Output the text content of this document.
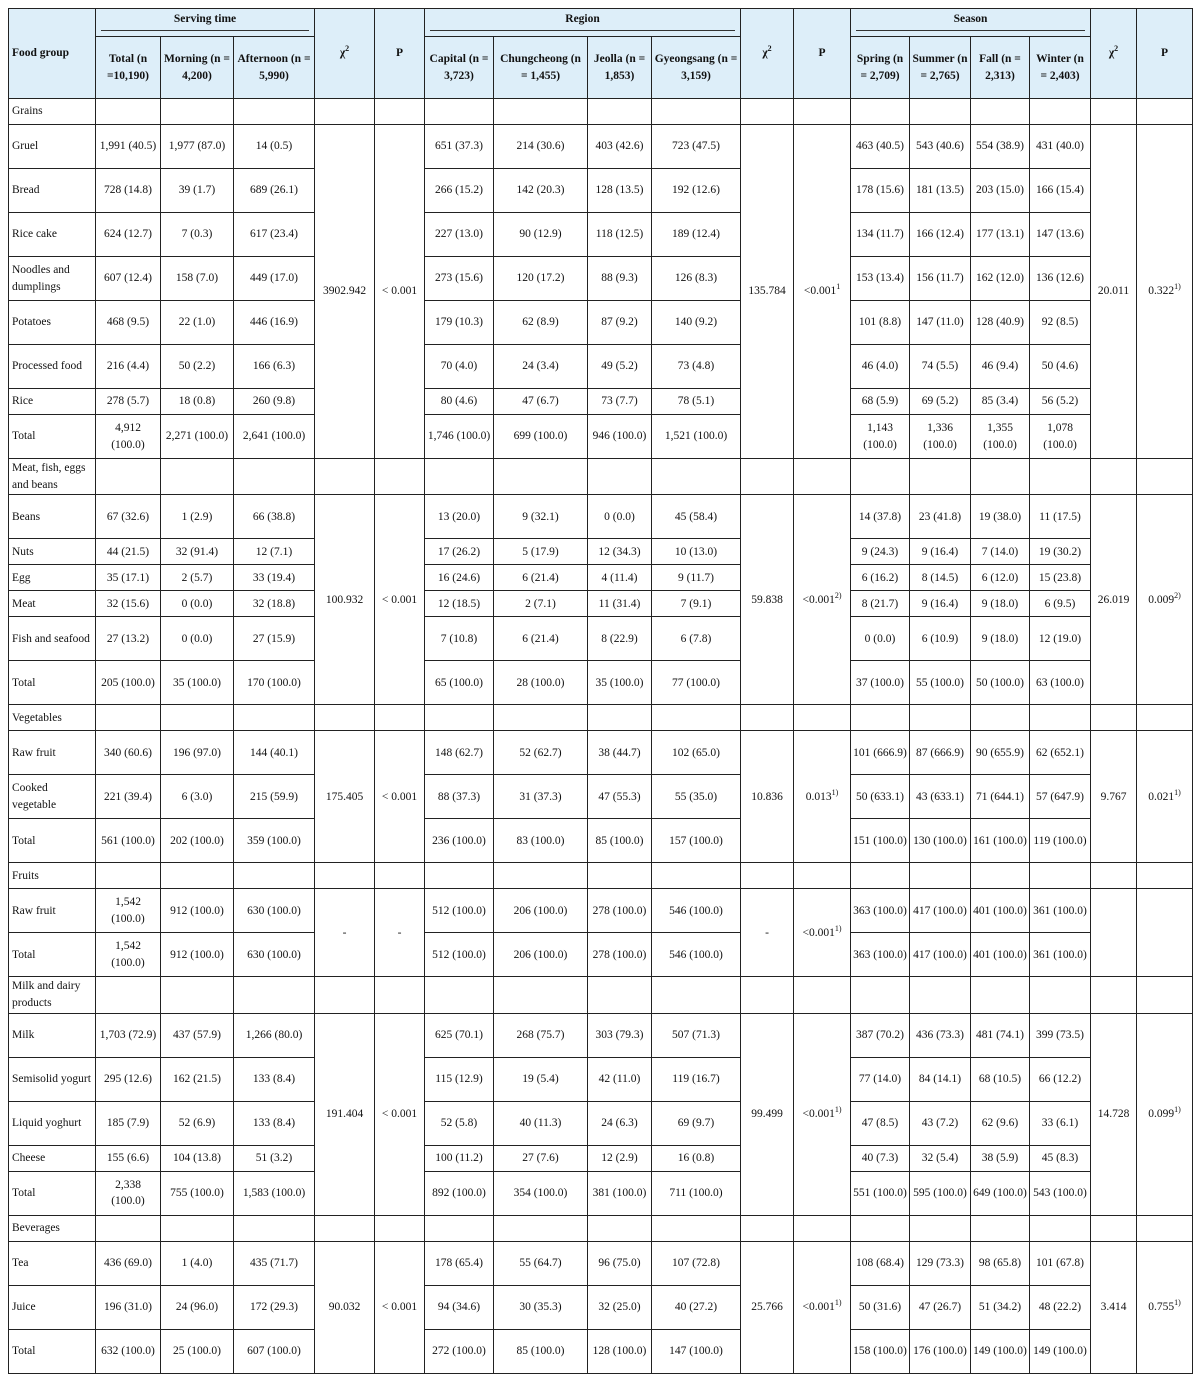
Food group	Serving time			$\chi^2$	P	Region				$\chi^2$	P	Season				$\chi^2$	P
	Total (n =10,190)	Morning (n = 4,200)	Afternoon (n = 5,990)			Capital (n = 3,723)	Chungcheong (n = 1,455)	Jeolla (n = 1,853)	Gyeongsang (n = 3,159)			Spring (n = 2,709)	Summer (n = 2,765)	Fall (n = 2,313)	Winter (n = 2,403)		
Grains																	
Gruel	1,991 (40.5)	1,977 (87.0)	14 (0.5)	3902.942	< 0.001	651 (37.3)	214 (30.6)	403 (42.6)	723 (47.5)	135.784	$<0.001^1$	463 (40.5)	543 (40.6)	554 (38.9)	431 (40.0)	20.011	0.322$^{1)}$
Bread	728 (14.8)	39 (1.7)	689 (26.1)			266 (15.2)	142 (20.3)	128 (13.5)	192 (12.6)			178 (15.6)	181 (13.5)	203 (15.0)	166 (15.4)		
Rice cake	624 (12.7)	7 (0.3)	617 (23.4)			227 (13.0)	90 (12.9)	118 (12.5)	189 (12.4)			134 (11.7)	166 (12.4)	177 (13.1)	147 (13.6)		
Noodles and dumplings	607 (12.4)	158 (7.0)	449 (17.0)			273 (15.6)	120 (17.2)	88 (9.3)	126 (8.3)			153 (13.4)	156 (11.7)	162 (12.0)	136 (12.6)		
Potatoes	468 (9.5)	22 (1.0)	446 (16.9)			179 (10.3)	62 (8.9)	87 (9.2)	140 (9.2)			101 (8.8)	147 (11.0)	128 (40.9)	92 (8.5)		
Processed food	216 (4.4)	50 (2.2)	166 (6.3)			70 (4.0)	24 (3.4)	49 (5.2)	73 (4.8)			46 (4.0)	74 (5.5)	46 (9.4)	50 (4.6)		
Rice	278 (5.7)	18 (0.8)	260 (9.8)			80 (4.6)	47 (6.7)	73 (7.7)	78 (5.1)			68 (5.9)	69 (5.2)	85 (3.4)	56 (5.2)		
Total	4,912 (100.0)	2,271 (100.0)	2,641 (100.0)			1,746 (100.0)	699 (100.0)	946 (100.0)	1,521 (100.0)			1,143 (100.0)	1,336 (100.0)	1,355 (100.0)	1,078 (100.0)		
Meat, fish, eggs and beans																	
Beans	67 (32.6)	1 (2.9)	66 (38.8)	100.932	< 0.001	13 (20.0)	9 (32.1)	0 (0.0)	45 (58.4)	59.838	$<0.001^{2)}$	14 (37.8)	23 (41.8)	19 (38.0)	11 (17.5)	26.019	0.009$^{2)}$
Nuts	44 (21.5)	32 (91.4)	12 (7.1)			17 (26.2)	5 (17.9)	12 (34.3)	10 (13.0)			9 (24.3)	9 (16.4)	7 (14.0)	19 (30.2)		
Egg	35 (17.1)	2 (5.7)	33 (19.4)			16 (24.6)	6 (21.4)	4 (11.4)	9 (11.7)			6 (16.2)	8 (14.5)	6 (12.0)	15 (23.8)		
Meat	32 (15.6)	0 (0.0)	32 (18.8)			12 (18.5)	2 (7.1)	11 (31.4)	7 (9.1)			8 (21.7)	9 (16.4)	9 (18.0)	6 (9.5)		
Fish and seafood	27 (13.2)	0 (0.0)	27 (15.9)			7 (10.8)	6 (21.4)	8 (22.9)	6 (7.8)			0 (0.0)	6 (10.9)	9 (18.0)	12 (19.0)		
Total	205 (100.0)	35 (100.0)	170 (100.0)			65 (100.0)	28 (100.0)	35 (100.0)	77 (100.0)			37 (100.0)	55 (100.0)	50 (100.0)	63 (100.0)		
Vegetables																	
Raw fruit	340 (60.6)	196 (97.0)	144 (40.1)	175.405	< 0.001	148 (62.7)	52 (62.7)	38 (44.7)	102 (65.0)	10.836	0.013$^{1)}$	101 (666.9)	87 (666.9)	90 (655.9)	62 (652.1)	9.767	0.021$^{1)}$
Cooked vegetable	221 (39.4)	6 (3.0)	215 (59.9)			88 (37.3)	31 (37.3)	47 (55.3)	55 (35.0)			50 (633.1)	43 (633.1)	71 (644.1)	57 (647.9)		
Total	561 (100.0)	202 (100.0)	359 (100.0)			236 (100.0)	83 (100.0)	85 (100.0)	157 (100.0)			151 (100.0)	130 (100.0)	161 (100.0)	119 (100.0)		
Fruits																	
Raw fruit	1,542 (100.0)	912 (100.0)	630 (100.0)	-	-	512 (100.0)	206 (100.0)	278 (100.0)	546 (100.0)	-	$<0.001^{1)}$	363 (100.0)	417 (100.0)	401 (100.0)	361 (100.0)		
Total	1,542 (100.0)	912 (100.0)	630 (100.0)			512 (100.0)	206 (100.0)	278 (100.0)	546 (100.0)			363 (100.0)	417 (100.0)	401 (100.0)	361 (100.0)		
Milk and dairy products																	
Milk	1,703 (72.9)	437 (57.9)	1,266 (80.0)	191.404	< 0.001	625 (70.1)	268 (75.7)	303 (79.3)	507 (71.3)	99.499	$<0.001^{1)}$	387 (70.2)	436 (73.3)	481 (74.1)	399 (73.5)	14.728	0.099$^{1)}$
Semisolid yogurt	295 (12.6)	162 (21.5)	133 (8.4)			115 (12.9)	19 (5.4)	42 (11.0)	119 (16.7)			77 (14.0)	84 (14.1)	68 (10.5)	66 (12.2)		
Liquid yoghurt	185 (7.9)	52 (6.9)	133 (8.4)			52 (5.8)	40 (11.3)	24 (6.3)	69 (9.7)			47 (8.5)	43 (7.2)	62 (9.6)	33 (6.1)		
Cheese	155 (6.6)	104 (13.8)	51 (3.2)			100 (11.2)	27 (7.6)	12 (2.9)	16 (0.8)			40 (7.3)	32 (5.4)	38 (5.9)	45 (8.3)		
Total	2,338 (100.0)	755 (100.0)	1,583 (100.0)			892 (100.0)	354 (100.0)	381 (100.0)	711 (100.0)			551 (100.0)	595 (100.0)	649 (100.0)	543 (100.0)		
Beverages																	
Tea	436 (69.0)	1 (4.0)	435 (71.7)	90.032	< 0.001	178 (65.4)	55 (64.7)	96 (75.0)	107 (72.8)	25.766	$<0.001^{1)}$	108 (68.4)	129 (73.3)	98 (65.8)	101 (67.8)	3.414	0.755$^{1)}$
Juice	196 (31.0)	24 (96.0)	172 (29.3)			94 (34.6)	30 (35.3)	32 (25.0)	40 (27.2)			50 (31.6)	47 (26.7)	51 (34.2)	48 (22.2)		
Total	632 (100.0)	25 (100.0)	607 (100.0)			272 (100.0)	85 (100.0)	128 (100.0)	147 (100.0)			158 (100.0)	176 (100.0)	149 (100.0)	149 (100.0)		
